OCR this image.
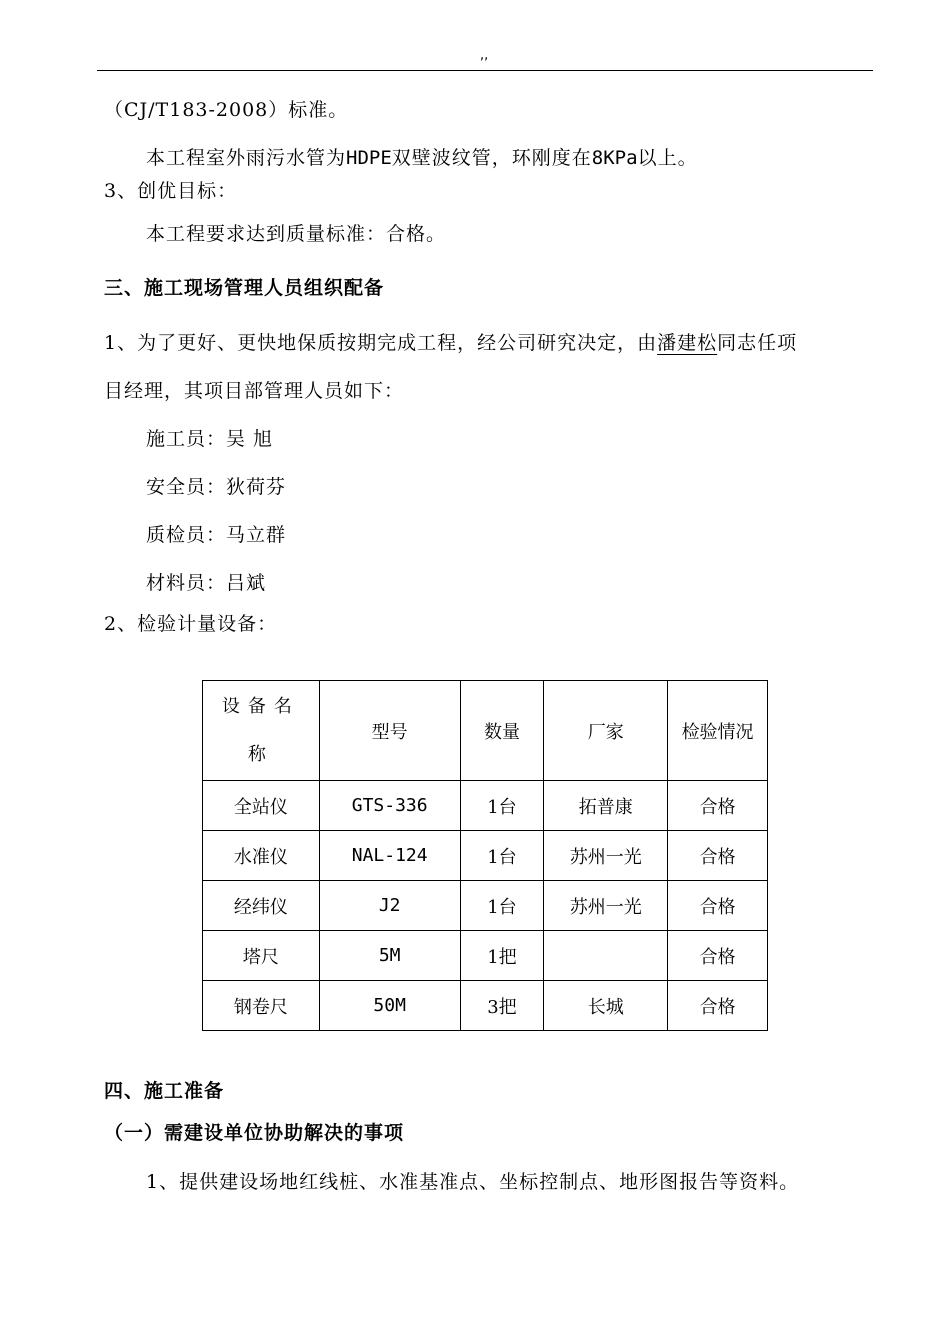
,,
（CJ/T183-2008）标准。
本工程室外雨污水管为HDPE双壁波纹管，环刚度在8KPa以上。
3、创优目标：
本工程要求达到质量标准：合格。
三、施工现场管理人员组织配备
1、为了更好、更快地保质按期完成工程，经公司研究决定，由潘建松同志任项
目经理，其项目部管理人员如下：
施工员：吴 旭
安全员：狄荷芬
质检员：马立群
材料员：吕斌
2、检验计量设备：
设备名
称	型号	数量	厂家	检验情况
全站仪	GTS-336	1台	拓普康	合格
水准仪	NAL-124	1台	苏州一光	合格
经纬仪	J2	1台	苏州一光	合格
塔尺	5M	1把		合格
钢卷尺	50M	3把	长城	合格
四、施工准备
（一）需建设单位协助解决的事项
1、提供建设场地红线桩、水准基准点、坐标控制点、地形图报告等资料。
